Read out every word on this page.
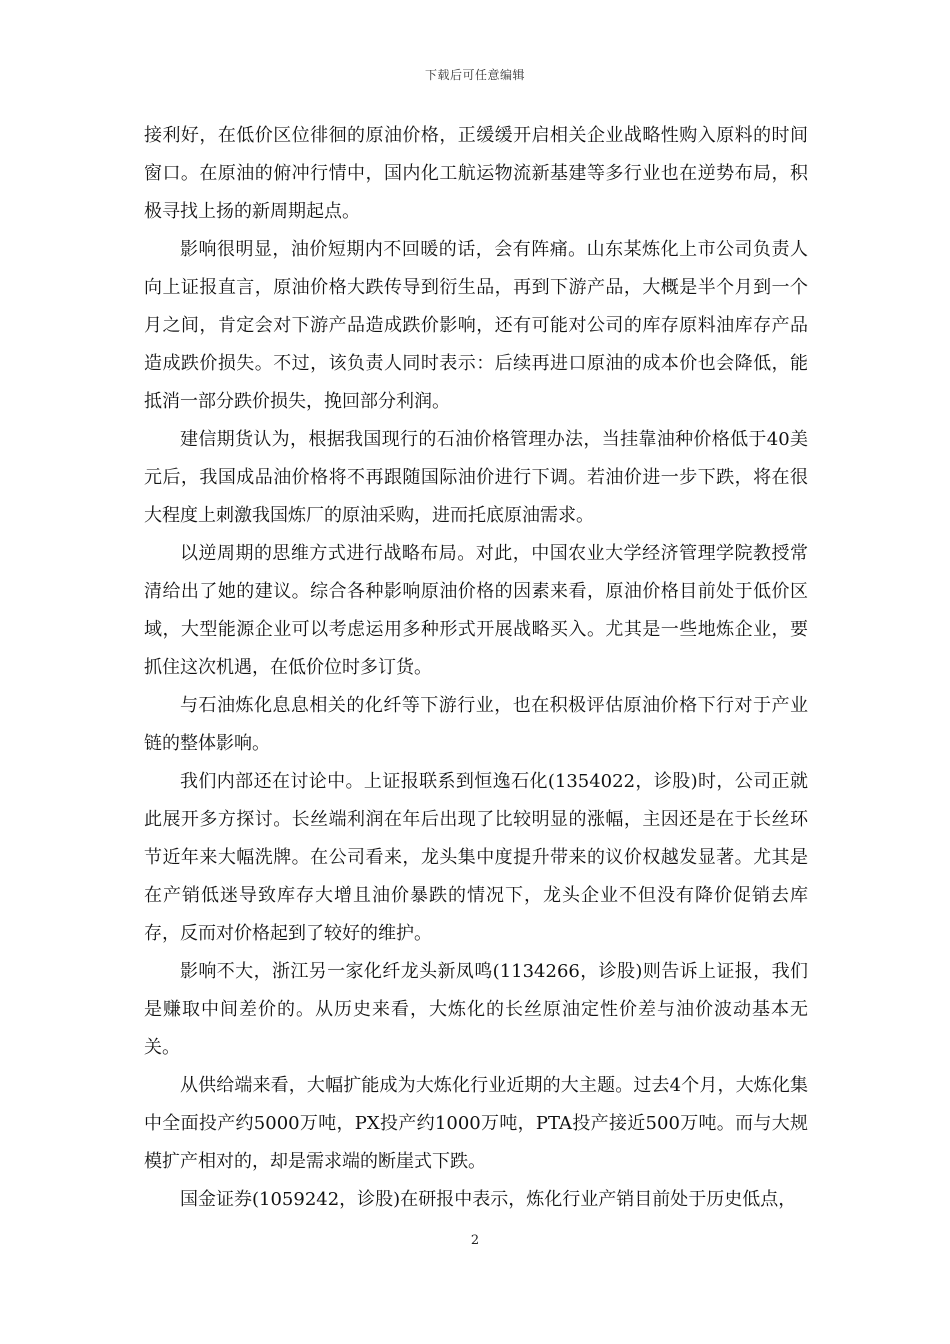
下载后可任意编辑

接利好，在低价区位徘徊的原油价格，正缓缓开启相关企业战略性购入原料的时间窗口。在原油的俯冲行情中，国内化工航运物流新基建等多行业也在逆势布局，积极寻找上扬的新周期起点。

影响很明显，油价短期内不回暖的话，会有阵痛。山东某炼化上市公司负责人向上证报直言，原油价格大跌传导到衍生品，再到下游产品，大概是半个月到一个月之间，肯定会对下游产品造成跌价影响，还有可能对公司的库存原料油库存产品造成跌价损失。不过，该负责人同时表示：后续再进口原油的成本价也会降低，能抵消一部分跌价损失，挽回部分利润。

建信期货认为，根据我国现行的石油价格管理办法，当挂靠油种价格低于40美元后，我国成品油价格将不再跟随国际油价进行下调。若油价进一步下跌，将在很大程度上刺激我国炼厂的原油采购，进而托底原油需求。

以逆周期的思维方式进行战略布局。对此，中国农业大学经济管理学院教授常清给出了她的建议。综合各种影响原油价格的因素来看，原油价格目前处于低价区域，大型能源企业可以考虑运用多种形式开展战略买入。尤其是一些地炼企业，要抓住这次机遇，在低价位时多订货。

与石油炼化息息相关的化纤等下游行业，也在积极评估原油价格下行对于产业链的整体影响。

我们内部还在讨论中。上证报联系到恒逸石化(1354022，诊股)时，公司正就此展开多方探讨。长丝端利润在年后出现了比较明显的涨幅，主因还是在于长丝环节近年来大幅洗牌。在公司看来，龙头集中度提升带来的议价权越发显著。尤其是在产销低迷导致库存大增且油价暴跌的情况下，龙头企业不但没有降价促销去库存，反而对价格起到了较好的维护。

影响不大，浙江另一家化纤龙头新凤鸣(1134266，诊股)则告诉上证报，我们是赚取中间差价的。从历史来看，大炼化的长丝原油定性价差与油价波动基本无关。

从供给端来看，大幅扩能成为大炼化行业近期的大主题。过去4个月，大炼化集中全面投产约5000万吨，PX投产约1000万吨，PTA投产接近500万吨。而与大规模扩产相对的，却是需求端的断崖式下跌。

国金证券(1059242，诊股)在研报中表示，炼化行业产销目前处于历史低点，

2
